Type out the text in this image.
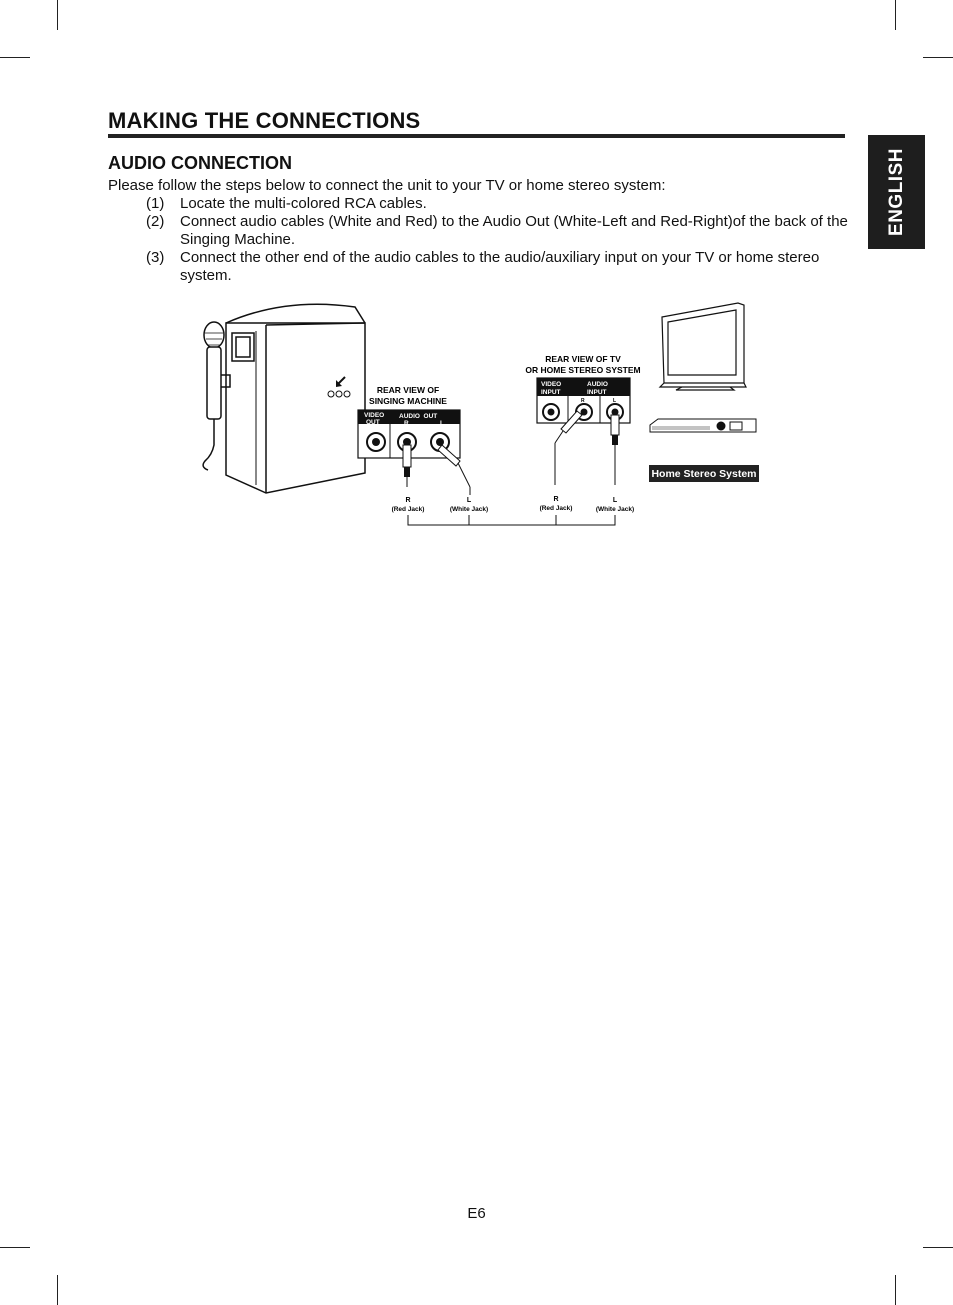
MAKING THE CONNECTIONS
ENGLISH
AUDIO CONNECTION
Please follow the steps below to connect the unit to your TV or home stereo system:
(1) Locate the multi-colored RCA cables.
(2) Connect audio cables (White and Red) to the Audio Out (White-Left and Red-Right)of the back of the Singing Machine.
(3) Connect the other end of the audio cables to the audio/auxiliary input on your TV or home stereo system.
REAR VIEW OF
SINGING MACHINE
VIDEO
OUT
AUDIO  OUT
R	L
REAR VIEW OF TV
OR HOME STEREO SYSTEM
VIDEO
INPUT
AUDIO
INPUT
R	L
Home Stereo System
R
(Red Jack)
L
(White Jack)
R
(Red Jack)
L
(White Jack)
E6
